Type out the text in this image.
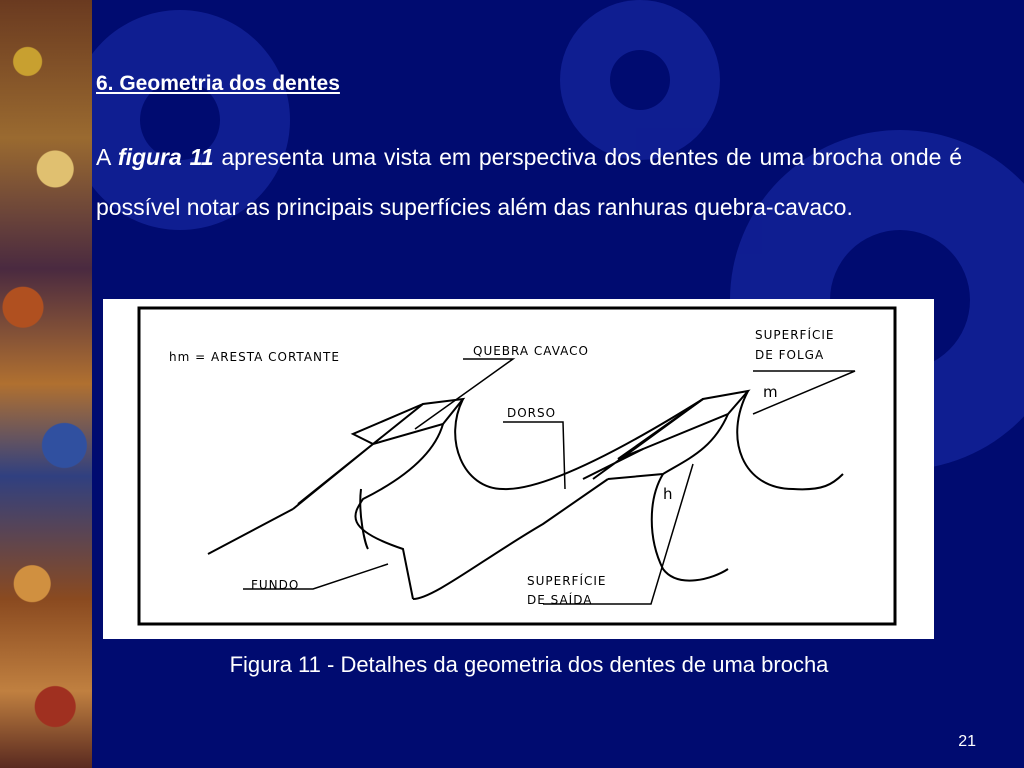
6. Geometria dos dentes
A figura 11 apresenta uma vista em perspectiva dos dentes de uma brocha onde é possível notar as principais superfícies além das ranhuras quebra-cavaco.
hm = ARESTA CORTANTE	QUEBRA CAVACO
SUPERFÍCIE
DE FOLGA
m
DORSO
h
FUNDO	SUPERFÍCIE
DE SAÍDA
Figura 11 - Detalhes da geometria dos dentes de uma brocha
21
